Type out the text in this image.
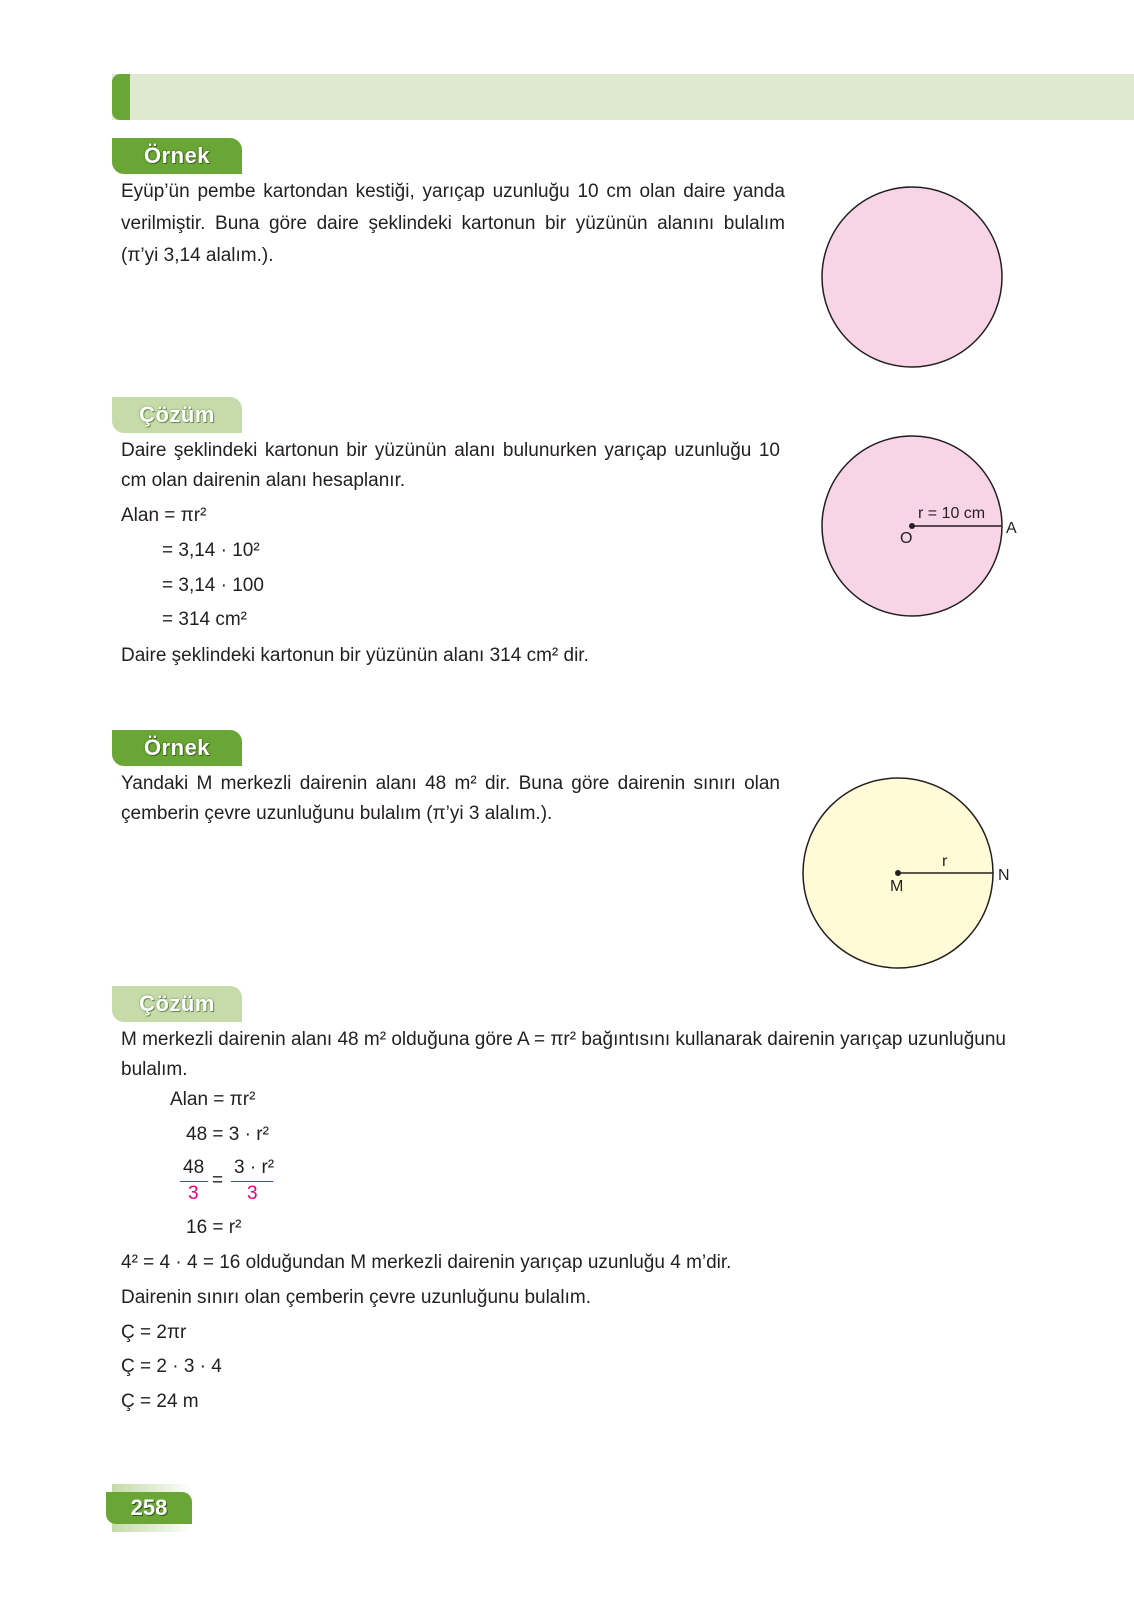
Örnek
Eyüp’ün pembe kartondan kestiği, yarıçap uzunluğu 10 cm olan daire yanda verilmiştir. Buna göre daire şeklindeki kartonun bir yüzünün alanını bulalım (π’yi 3,14 alalım.).
Çözüm
Daire şeklindeki kartonun bir yüzünün alanı bulunurken yarıçap uzunluğu 10 cm olan dairenin alanı hesaplanır.
Alan = πr²
= 3,14 · 10²
= 3,14 · 100
= 314 cm²
Daire şeklindeki kartonun bir yüzünün alanı 314 cm² dir.
r = 10 cm
O
A
Örnek
Yandaki M merkezli dairenin alanı 48 m² dir. Buna göre dairenin sınırı olan çemberin çevre uzunluğunu bulalım (π’yi 3 alalım.).
r
M
N
Çözüm
M merkezli dairenin alanı 48 m² olduğuna göre A = πr² bağıntısını kullanarak dairenin yarıçap uzunluğunu bulalım.
Alan = πr²
48 = 3 · r²
48
3
=
3 · r²
3
16 = r²
4² = 4 · 4 = 16 olduğundan M merkezli dairenin yarıçap uzunluğu 4 m’dir.
Dairenin sınırı olan çemberin çevre uzunluğunu bulalım.
Ç = 2πr
Ç = 2 · 3 · 4
Ç = 24 m
258
